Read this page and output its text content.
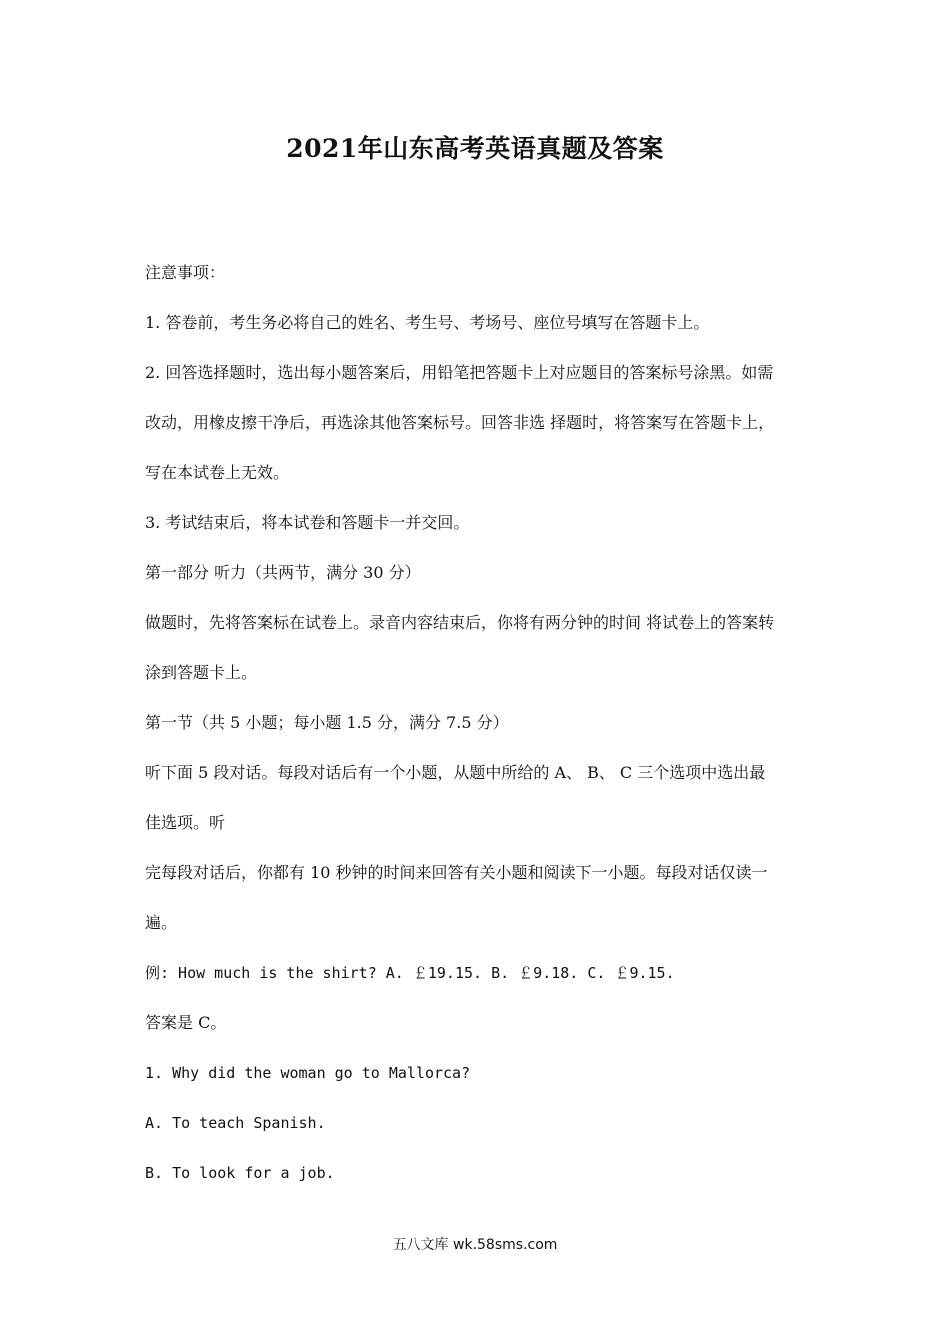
2021年山东高考英语真题及答案
注意事项：
1. 答卷前，考生务必将自己的姓名、考生号、考场号、座位号填写在答题卡上。
2. 回答选择题时，选出每小题答案后，用铅笔把答题卡上对应题目的答案标号涂黑。如需
改动，用橡皮擦干净后，再选涂其他答案标号。回答非选 择题时，将答案写在答题卡上，
写在本试卷上无效。
3. 考试结束后，将本试卷和答题卡一并交回。
第一部分 听力（共两节，满分 30 分）
做题时，先将答案标在试卷上。录音内容结束后，你将有两分钟的时间 将试卷上的答案转
涂到答题卡上。
第一节（共 5 小题；每小题 1.5 分，满分 7.5 分）
听下面 5 段对话。每段对话后有一个小题，从题中所给的 A、 B、 C 三个选项中选出最
佳选项。听
完每段对话后，你都有 10 秒钟的时间来回答有关小题和阅读下一小题。每段对话仅读一
遍。
例: How much is the shirt? A. ￡19.15. B. ￡9.18. C. ￡9.15.
答案是 C。
1. Why did the woman go to Mallorca?
A. To teach Spanish.
B. To look for a job.
五八文库 wk.58sms.com
